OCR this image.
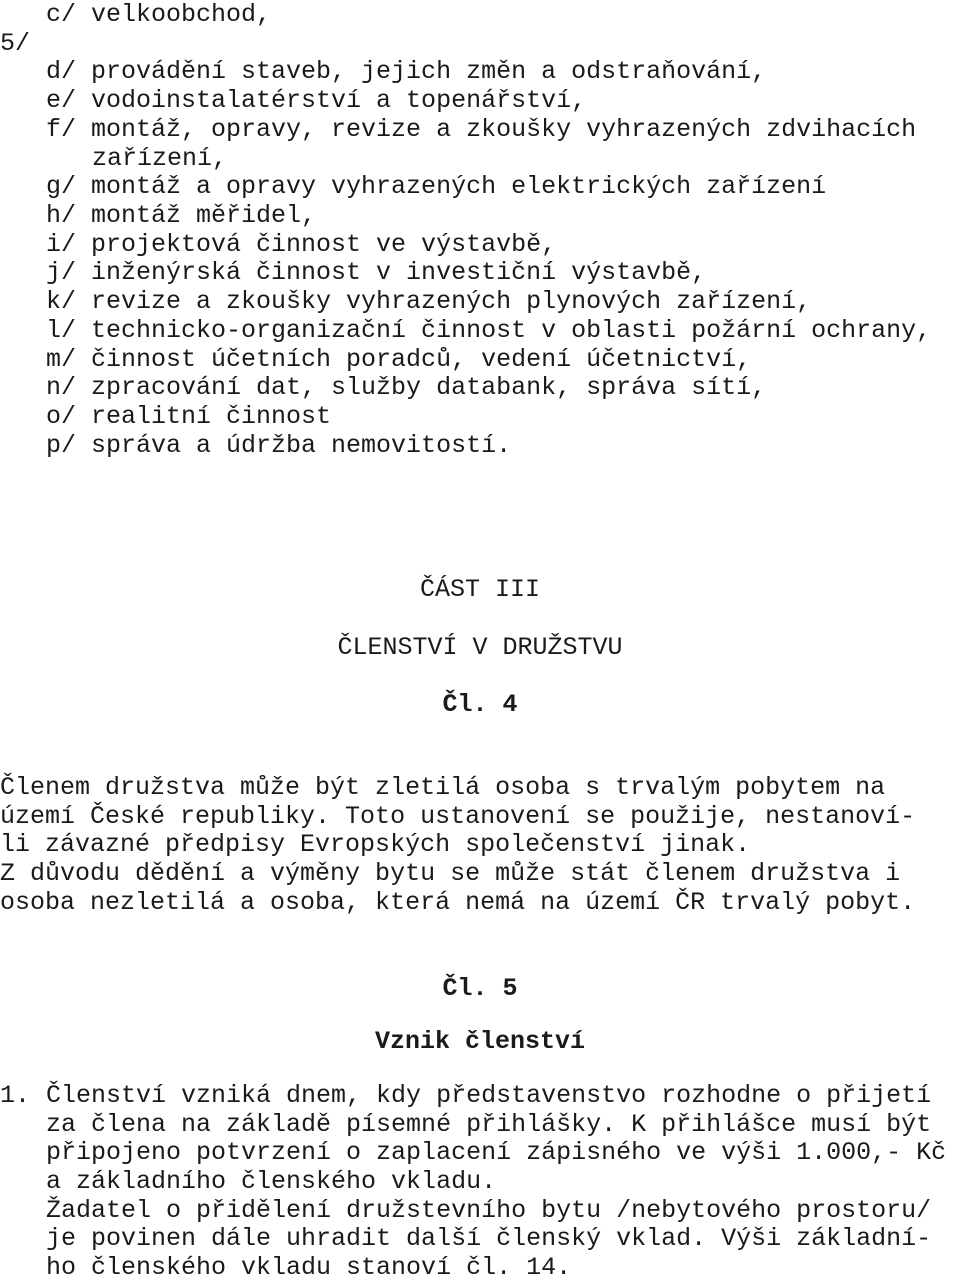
c/ velkoobchod,
5/
d/ provádění staveb, jejich změn a odstraňování,
e/ vodoinstalatérství a topenářství,
f/ montáž, opravy, revize a zkoušky vyhrazených zdvihacích
zařízení,
g/ montáž a opravy vyhrazených elektrických zařízení
h/ montáž měřidel,
i/ projektová činnost ve výstavbě,
j/ inženýrská činnost v investiční výstavbě,
k/ revize a zkoušky vyhrazených plynových zařízení,
l/ technicko-organizační činnost v oblasti požární ochrany,
m/ činnost účetních poradců, vedení účetnictví,
n/ zpracování dat, služby databank, správa sítí,
o/ realitní činnost
p/ správa a údržba nemovitostí.
ČÁST III
ČLENSTVÍ V DRUŽSTVU
Čl. 4
Členem družstva může být zletilá osoba s trvalým pobytem na
území České republiky. Toto ustanovení se použije, nestanoví-
li závazné předpisy Evropských společenství jinak.
Z důvodu dědění a výměny bytu se může stát členem družstva i
osoba nezletilá a osoba, která nemá na území ČR trvalý pobyt.
Čl. 5
Vznik členství
1. Členství vzniká dnem, kdy představenstvo rozhodne o přijetí
za člena na základě písemné přihlášky. K přihlášce musí být
připojeno potvrzení o zaplacení zápisného ve výši 1.000,- Kč
a základního členského vkladu.
Žadatel o přidělení družstevního bytu /nebytového prostoru/
je povinen dále uhradit další členský vklad. Výši základní-
ho členského vkladu stanoví čl. 14.
